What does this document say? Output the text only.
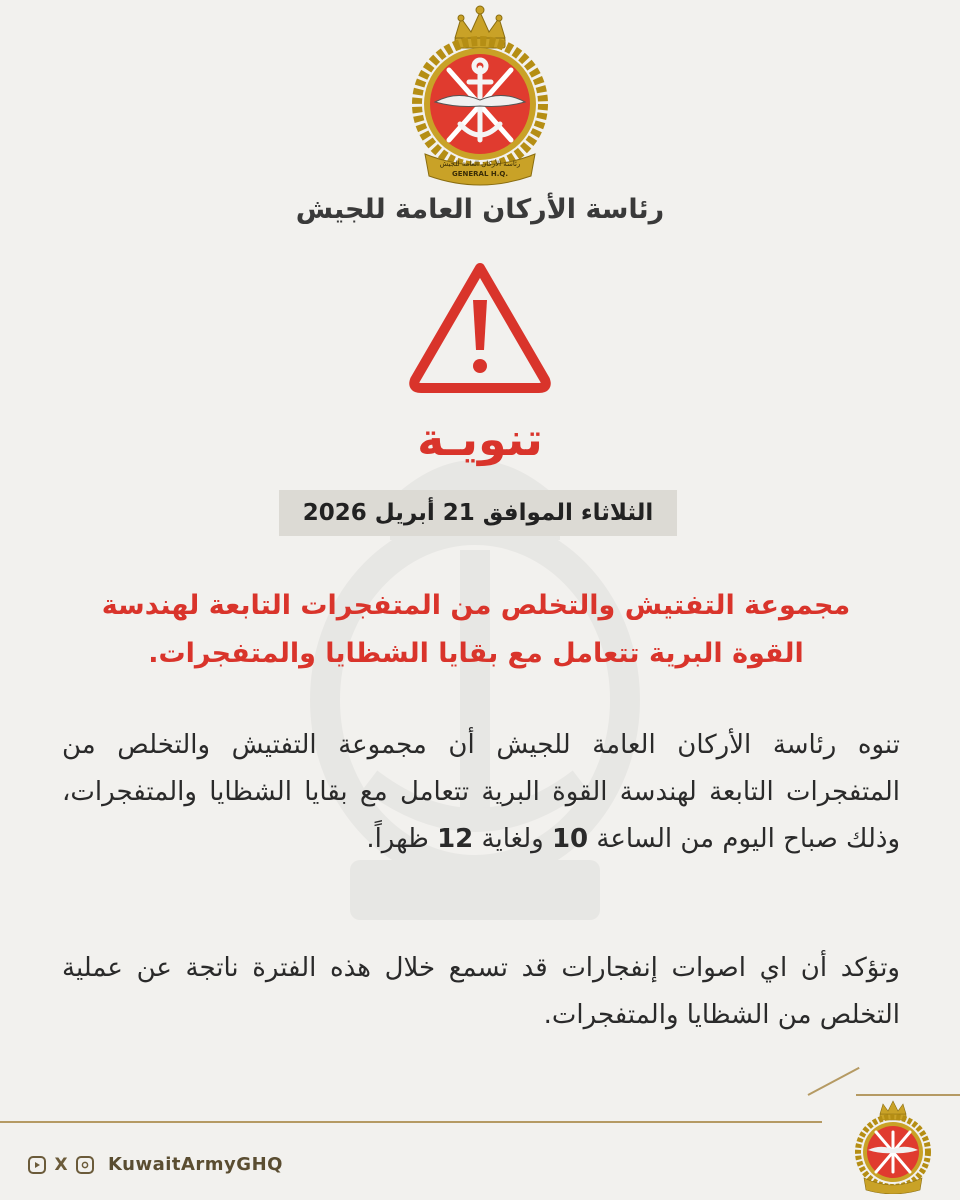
رئاسة الأركان العامة للجيش
GENERAL H.Q.
رئاسة الأركان العامة للجيش
تنويـة
الثلاثاء الموافق 21 أبريل 2026
مجموعة التفتيش والتخلص من المتفجرات التابعة لهندسة
القوة البرية تتعامل مع بقايا الشظايا والمتفجرات.
تنوه رئاسة الأركان العامة للجيش أن مجموعة التفتيش والتخلص من المتفجرات التابعة لهندسة القوة البرية تتعامل مع بقايا الشظايا والمتفجرات، وذلك صباح اليوم من الساعة 10 ولغاية 12 ظهراً.
وتؤكد أن اي اصوات إنفجارات قد تسمع خلال هذه الفترة ناتجة عن عملية التخلص من الشظايا والمتفجرات.
X KuwaitArmyGHQ
